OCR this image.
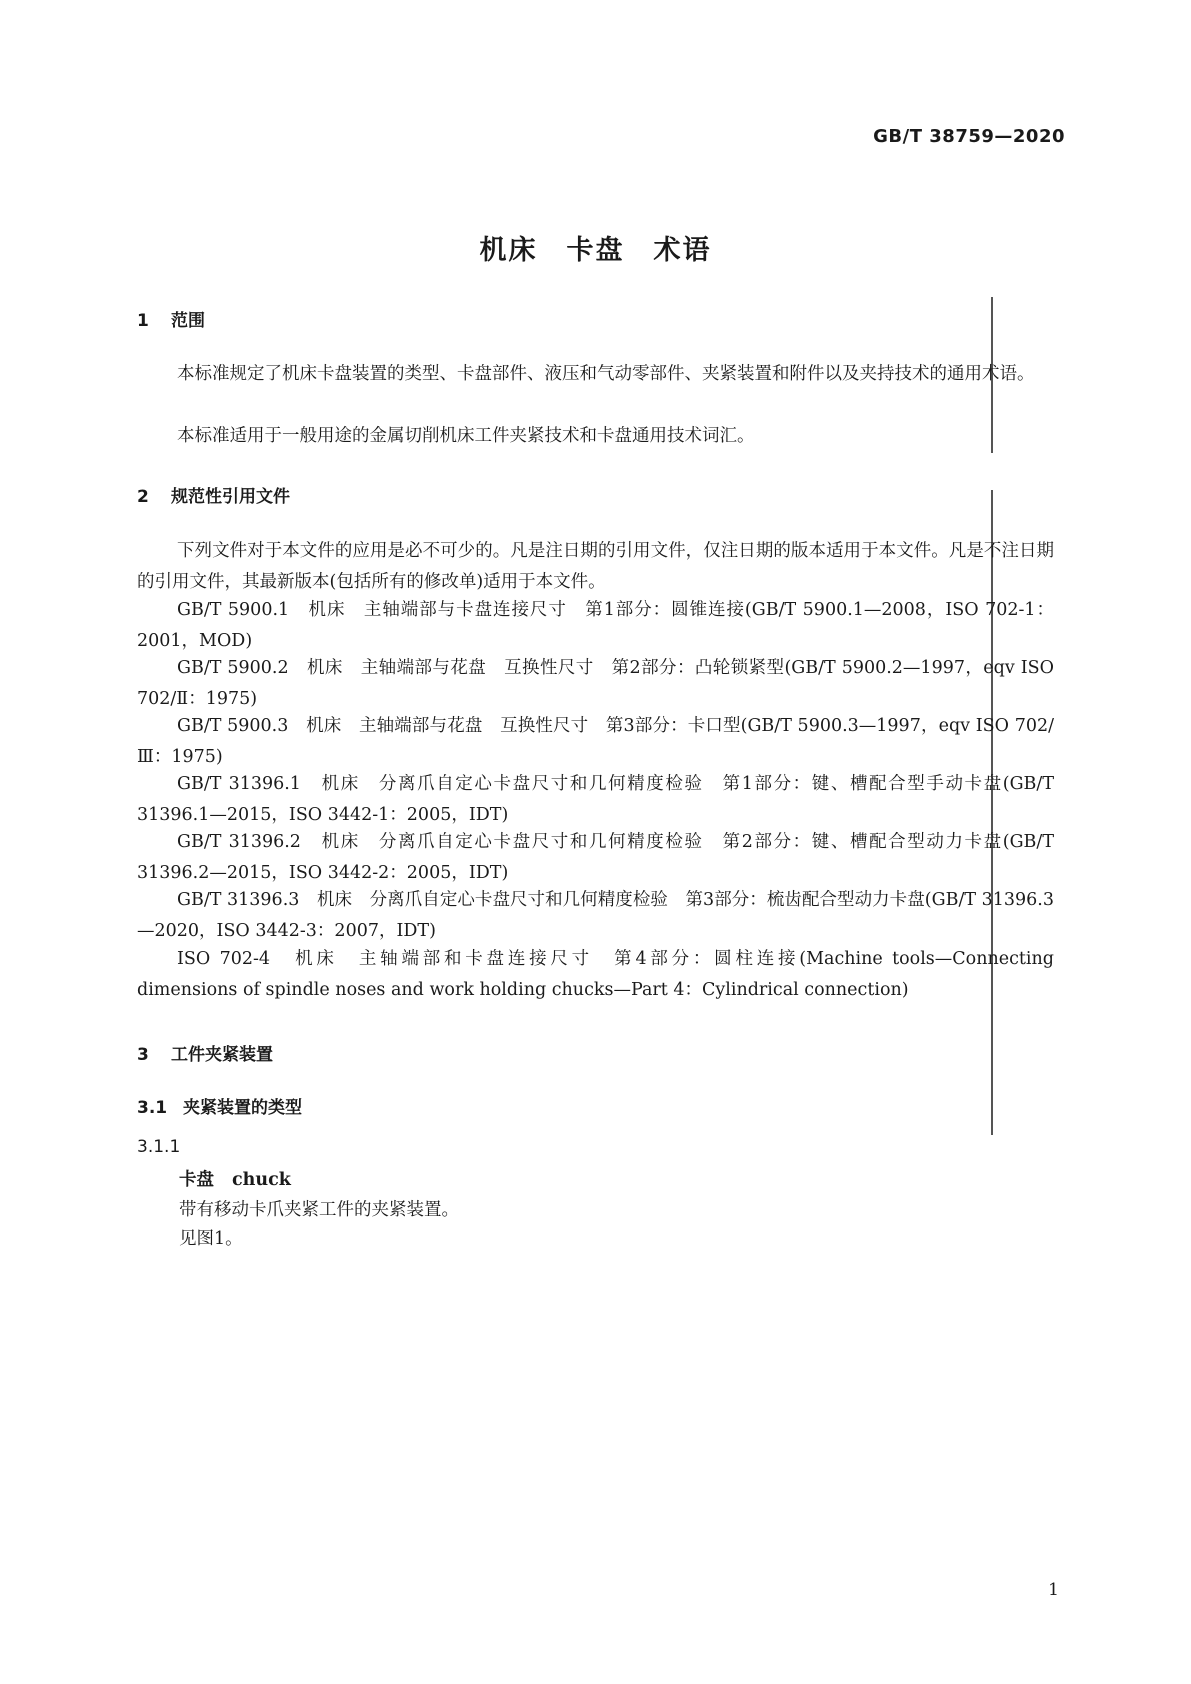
GB/T 38759—2020
机床　卡盘　术语
1 范围

本标准规定了机床卡盘装置的类型、卡盘部件、液压和气动零部件、夹紧装置和附件以及夹持技术的通用术语。

本标准适用于一般用途的金属切削机床工件夹紧技术和卡盘通用技术词汇。

2 规范性引用文件

下列文件对于本文件的应用是必不可少的。凡是注日期的引用文件，仅注日期的版本适用于本文件。凡是不注日期的引用文件，其最新版本(包括所有的修改单)适用于本文件。

GB/T 5900.1　机床　主轴端部与卡盘连接尺寸　第1部分：圆锥连接(GB/T 5900.1—2008，ISO 702-1：2001，MOD)

GB/T 5900.2　机床　主轴端部与花盘　互换性尺寸　第2部分：凸轮锁紧型(GB/T 5900.2—1997，eqv ISO 702/Ⅱ：1975)

GB/T 5900.3　机床　主轴端部与花盘　互换性尺寸　第3部分：卡口型(GB/T 5900.3—1997，eqv ISO 702/Ⅲ：1975)

GB/T 31396.1　机床　分离爪自定心卡盘尺寸和几何精度检验　第1部分：键、槽配合型手动卡盘(GB/T 31396.1—2015，ISO 3442-1：2005，IDT)

GB/T 31396.2　机床　分离爪自定心卡盘尺寸和几何精度检验　第2部分：键、槽配合型动力卡盘(GB/T 31396.2—2015，ISO 3442-2：2005，IDT)

GB/T 31396.3　机床　分离爪自定心卡盘尺寸和几何精度检验　第3部分：梳齿配合型动力卡盘(GB/T 31396.3—2020，ISO 3442-3：2007，IDT)

ISO 702-4　机床　主轴端部和卡盘连接尺寸　第4部分：圆柱连接(Machine tools—Connecting dimensions of spindle noses and work holding chucks—Part 4：Cylindrical connection)

3 工件夹紧装置
3.1 夹紧装置的类型
3.1.1
卡盘 chuck
带有移动卡爪夹紧工件的夹紧装置。
见图1。
1
